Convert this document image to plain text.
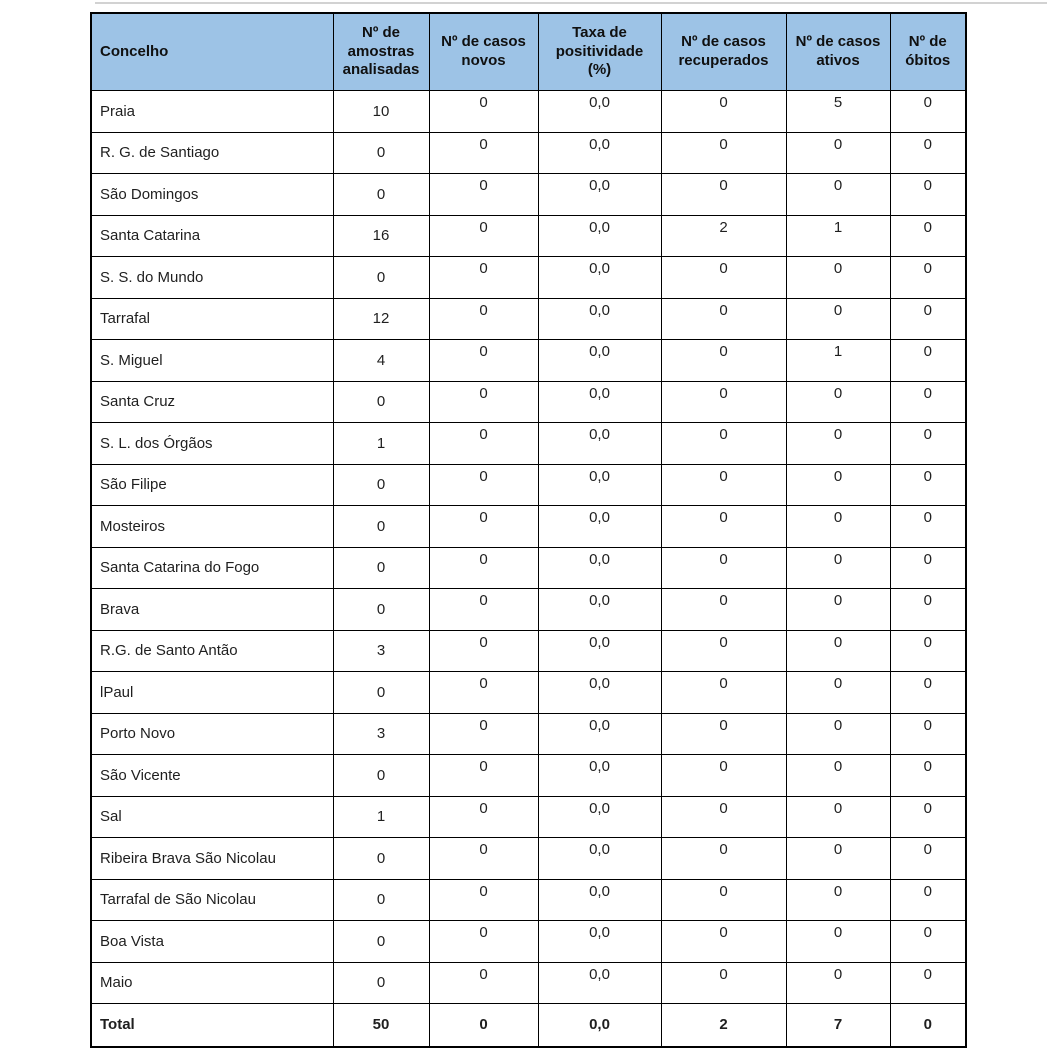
Concelho	Nº de amostras analisadas	Nº de casos novos	Taxa de positividade (%)	Nº de casos recuperados	Nº de casos ativos	Nº de óbitos
Praia	10	0	0,0	0	5	0
R. G. de Santiago	0	0	0,0	0	0	0
São Domingos	0	0	0,0	0	0	0
Santa Catarina	16	0	0,0	2	1	0
S. S. do Mundo	0	0	0,0	0	0	0
Tarrafal	12	0	0,0	0	0	0
S. Miguel	4	0	0,0	0	1	0
Santa Cruz	0	0	0,0	0	0	0
S. L. dos Órgãos	1	0	0,0	0	0	0
São Filipe	0	0	0,0	0	0	0
Mosteiros	0	0	0,0	0	0	0
Santa Catarina do Fogo	0	0	0,0	0	0	0
Brava	0	0	0,0	0	0	0
R.G. de Santo Antão	3	0	0,0	0	0	0
lPaul	0	0	0,0	0	0	0
Porto Novo	3	0	0,0	0	0	0
São Vicente	0	0	0,0	0	0	0
Sal	1	0	0,0	0	0	0
Ribeira Brava São Nicolau	0	0	0,0	0	0	0
Tarrafal de São Nicolau	0	0	0,0	0	0	0
Boa Vista	0	0	0,0	0	0	0
Maio	0	0	0,0	0	0	0
Total	50	0	0,0	2	7	0
